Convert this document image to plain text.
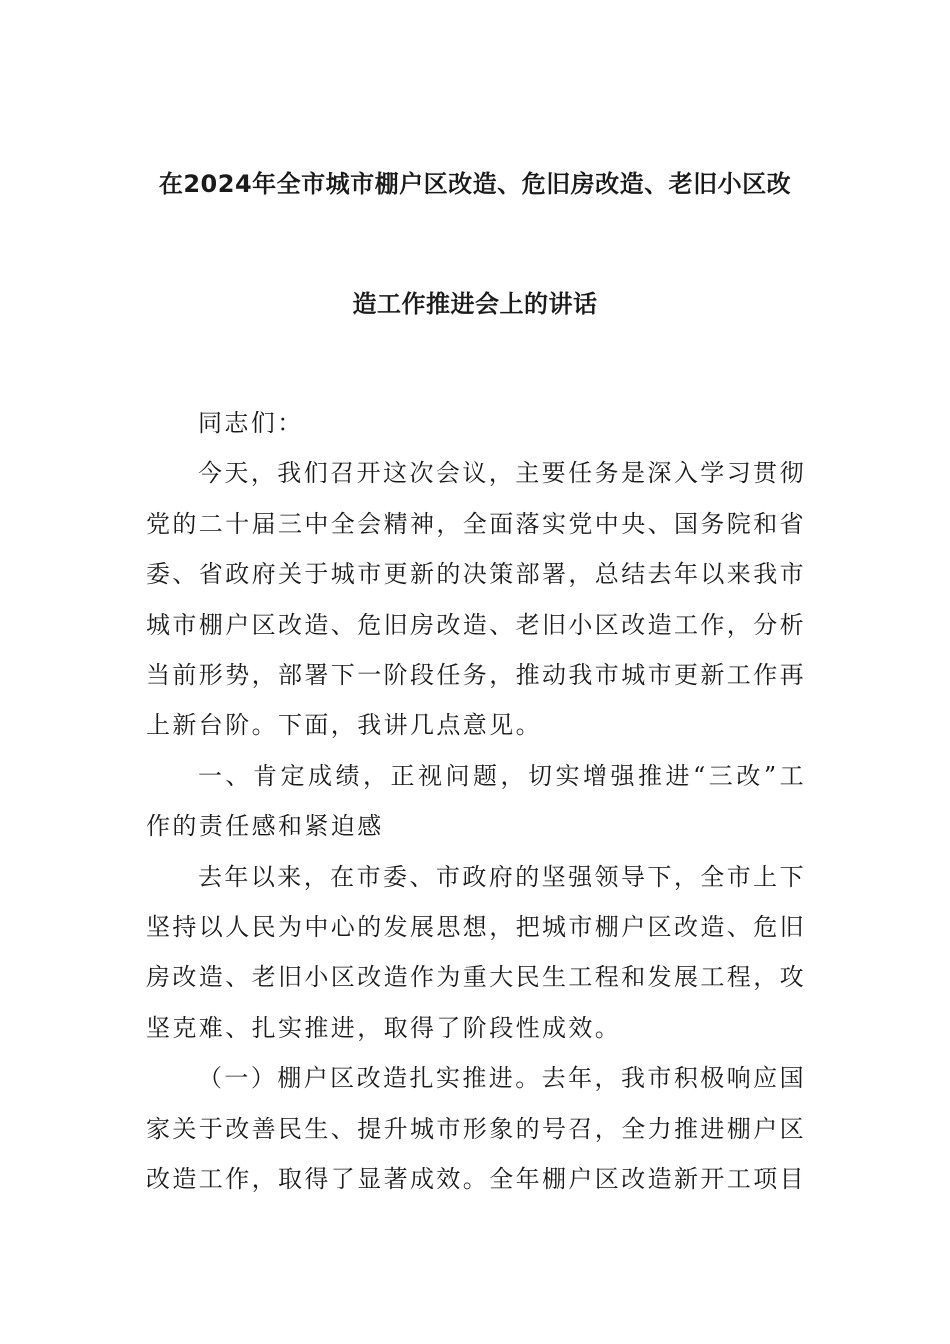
在2024年全市城市棚户区改造、危旧房改造、老旧小区改
造工作推进会上的讲话

同志们：

今天，我们召开这次会议，主要任务是深入学习贯彻党的二十届三中全会精神，全面落实党中央、国务院和省委、省政府关于城市更新的决策部署，总结去年以来我市城市棚户区改造、危旧房改造、老旧小区改造工作，分析当前形势，部署下一阶段任务，推动我市城市更新工作再上新台阶。下面，我讲几点意见。

一、肯定成绩，正视问题，切实增强推进“三改”工作的责任感和紧迫感

去年以来，在市委、市政府的坚强领导下，全市上下坚持以人民为中心的发展思想，把城市棚户区改造、危旧房改造、老旧小区改造作为重大民生工程和发展工程，攻坚克难、扎实推进，取得了阶段性成效。

（一）棚户区改造扎实推进。去年，我市积极响应国家关于改善民生、提升城市形象的号召，全力推进棚户区改造工作，取得了显著成效。全年棚户区改造新开工项目
